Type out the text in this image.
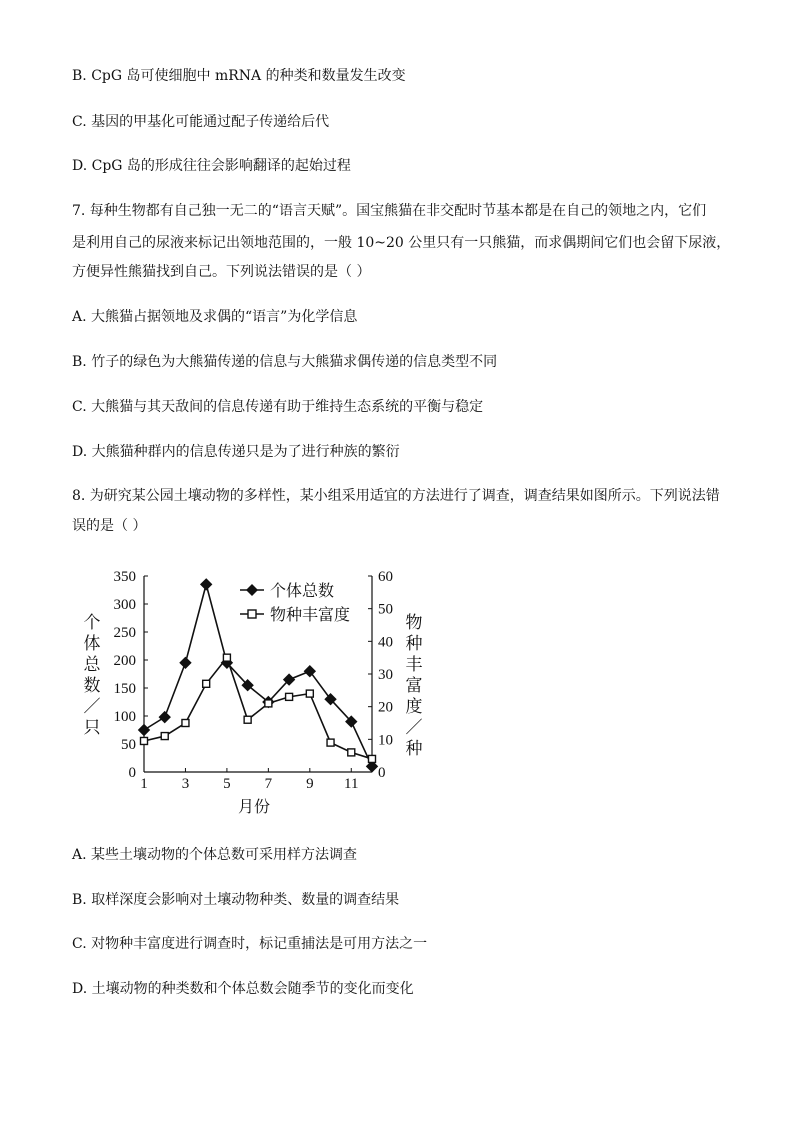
B. CpG 岛可使细胞中 mRNA 的种类和数量发生改变
C. 基因的甲基化可能通过配子传递给后代
D. CpG 岛的形成往往会影响翻译的起始过程
7. 每种生物都有自己独一无二的“语言天赋”。国宝熊猫在非交配时节基本都是在自己的领地之内，它们
是利用自己的尿液来标记出领地范围的，一般 10~20 公里只有一只熊猫，而求偶期间它们也会留下尿液，
方便异性熊猫找到自己。下列说法错误的是（ ）
A. 大熊猫占据领地及求偶的“语言”为化学信息
B. 竹子的绿色为大熊猫传递的信息与大熊猫求偶传递的信息类型不同
C. 大熊猫与其天敌间的信息传递有助于维持生态系统的平衡与稳定
D. 大熊猫种群内的信息传递只是为了进行种族的繁衍
8. 为研究某公园土壤动物的多样性，某小组采用适宜的方法进行了调查，调查结果如图所示。下列说法错
误的是（ ）
0
50
100
150
200
250
300
350
0
10
20
30
40
50
60
1 3 5 7 9 11
月份
个体总数／只
物种丰富度／种
个体总数
物种丰富度
A. 某些土壤动物的个体总数可采用样方法调查
B. 取样深度会影响对土壤动物种类、数量的调查结果
C. 对物种丰富度进行调查时，标记重捕法是可用方法之一
D. 土壤动物的种类数和个体总数会随季节的变化而变化
